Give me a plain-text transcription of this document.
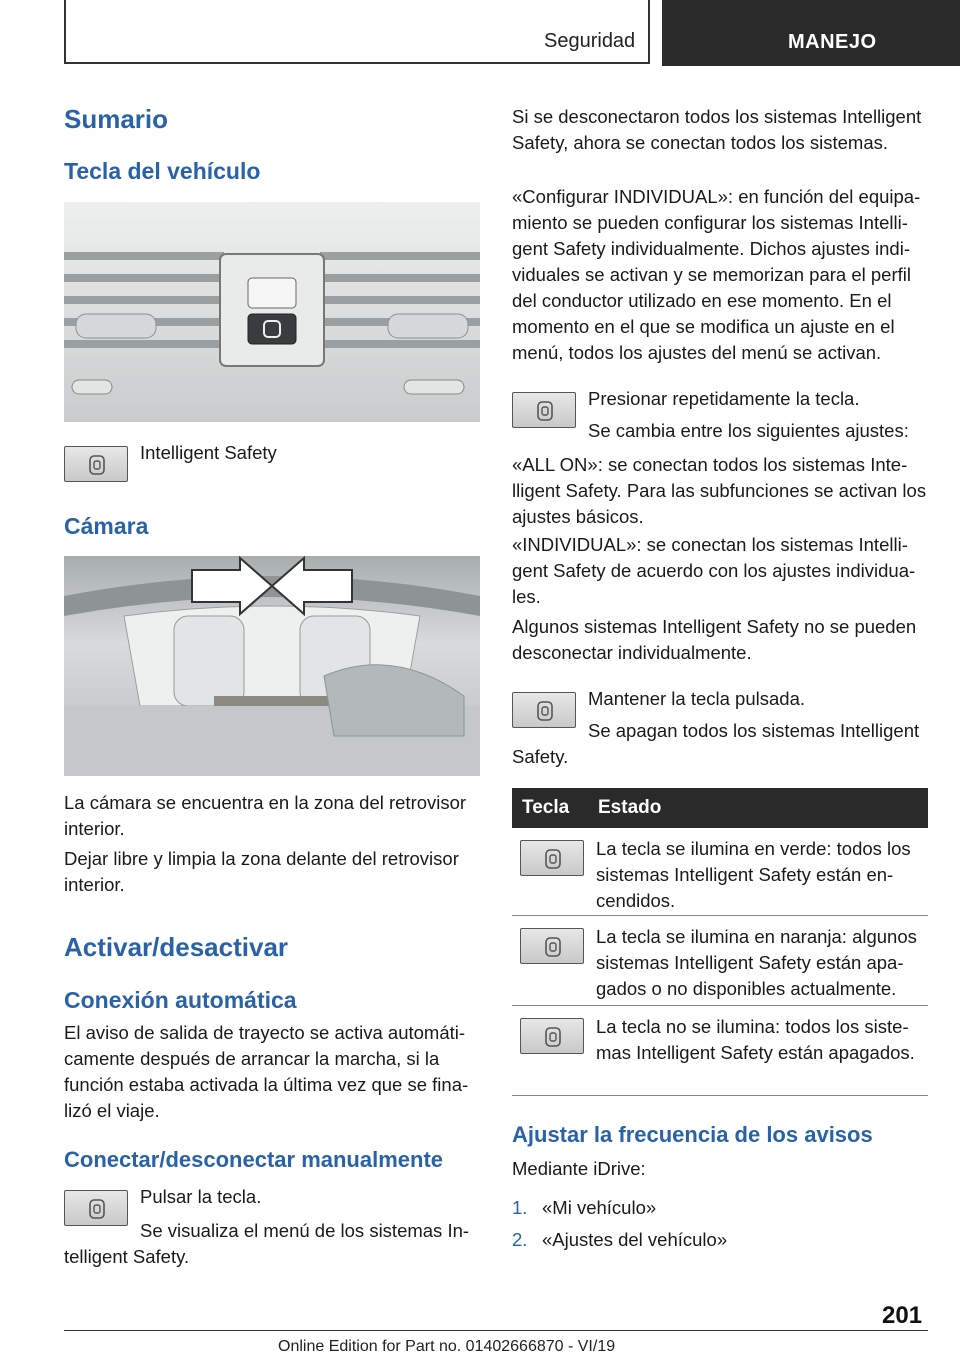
Seguridad	MANEJO
Sumario
Tecla del vehículo

Intelligent Safety

Cámara

La cámara se encuentra en la zona del retrovisor interior.

Dejar libre y limpia la zona delante del retrovisor interior.

Activar/desactivar
Conexión automática

El aviso de salida de trayecto se activa automáticamente después de arrancar la marcha, si la función estaba activada la última vez que se finalizó el viaje.

Conectar/desconectar manualmente

Pulsar la tecla.

Se visualiza el menú de los sistemas Intelligent Safety.

Si se desconectaron todos los sistemas Intelligent Safety, ahora se conectan todos los sistemas.

«Configurar INDIVIDUAL»: en función del equipamiento se pueden configurar los sistemas Intelligent Safety individualmente. Dichos ajustes individuales se activan y se memorizan para el perfil del conductor utilizado en ese momento. En el momento en el que se modifica un ajuste en el menú, todos los ajustes del menú se activan.

Presionar repetidamente la tecla.

Se cambia entre los siguientes ajustes:

«ALL ON»: se conectan todos los sistemas Intelligent Safety. Para las subfunciones se activan los ajustes básicos.

«INDIVIDUAL»: se conectan los sistemas Intelligent Safety de acuerdo con los ajustes individuales.

Algunos sistemas Intelligent Safety no se pueden desconectar individualmente.

Mantener la tecla pulsada.

Se apagan todos los sistemas Intelligent Safety.

Tecla Estado

La tecla se ilumina en verde: todos los sistemas Intelligent Safety están encendidos.

La tecla se ilumina en naranja: algunos sistemas Intelligent Safety están apagados o no disponibles actualmente.

La tecla no se ilumina: todos los sistemas Intelligent Safety están apagados.

Ajustar la frecuencia de los avisos

Mediante iDrive:

1. «Mi vehículo»
2. «Ajustes del vehículo»
201
Online Edition for Part no. 01402666870 - VI/19
